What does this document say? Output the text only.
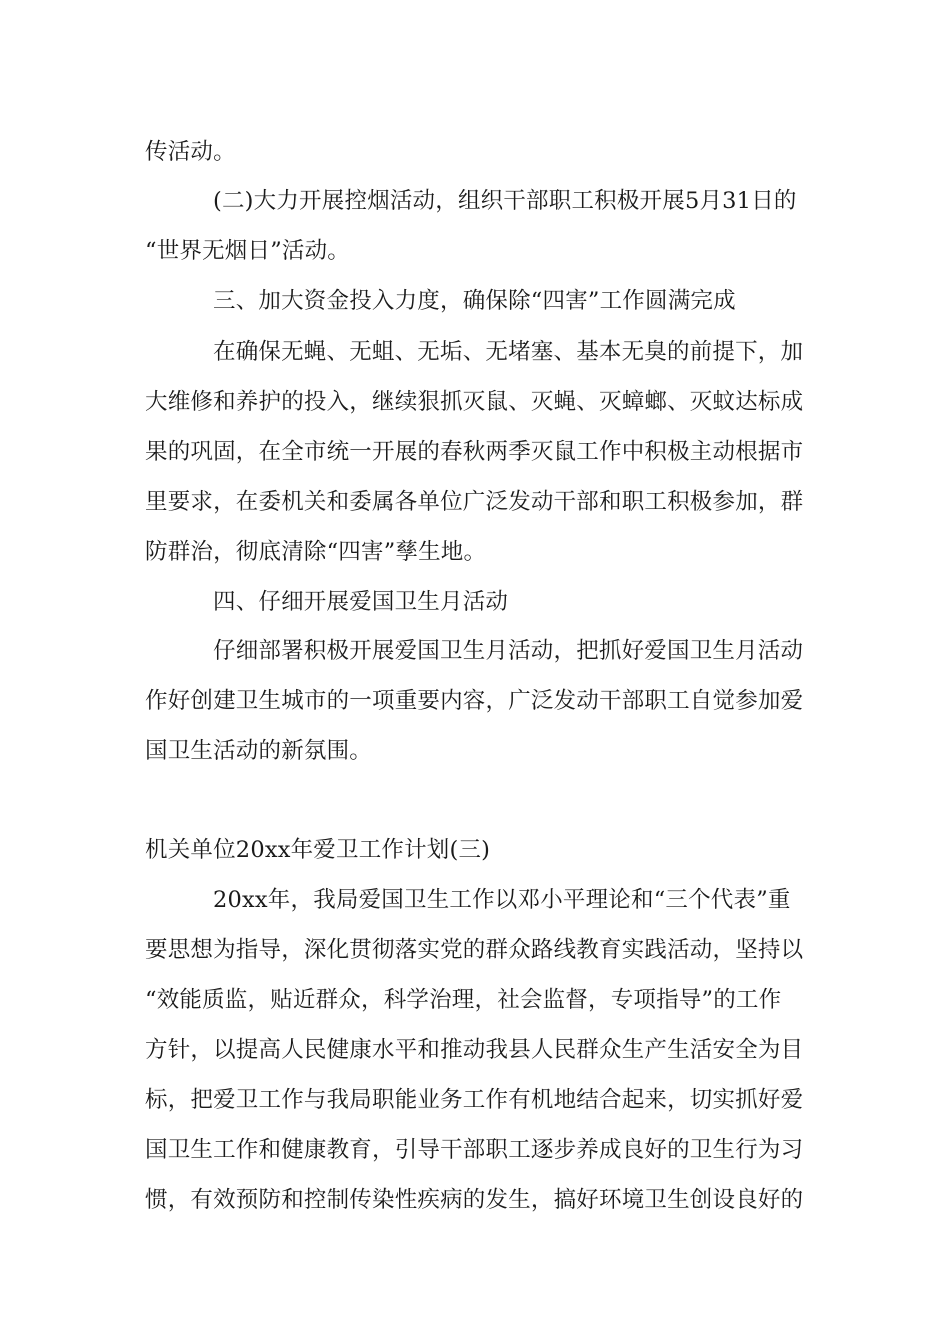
传活动。
(二)大力开展控烟活动，组织干部职工积极开展5月31日的
“世界无烟日”活动。
三、加大资金投入力度，确保除“四害”工作圆满完成
在确保无蝇、无蛆、无垢、无堵塞、基本无臭的前提下，加
大维修和养护的投入，继续狠抓灭鼠、灭蝇、灭蟑螂、灭蚊达标成
果的巩固，在全市统一开展的春秋两季灭鼠工作中积极主动根据市
里要求，在委机关和委属各单位广泛发动干部和职工积极参加，群
防群治，彻底清除“四害”孳生地。
四、仔细开展爱国卫生月活动
仔细部署积极开展爱国卫生月活动，把抓好爱国卫生月活动
作好创建卫生城市的一项重要内容，广泛发动干部职工自觉参加爱
国卫生活动的新氛围。
机关单位20xx年爱卫工作计划(三)
20xx年，我局爱国卫生工作以邓小平理论和“三个代表”重
要思想为指导，深化贯彻落实党的群众路线教育实践活动，坚持以
“效能质监，贴近群众，科学治理，社会监督，专项指导”的工作
方针，以提高人民健康水平和推动我县人民群众生产生活安全为目
标，把爱卫工作与我局职能业务工作有机地结合起来，切实抓好爱
国卫生工作和健康教育，引导干部职工逐步养成良好的卫生行为习
惯，有效预防和控制传染性疾病的发生，搞好环境卫生创设良好的
